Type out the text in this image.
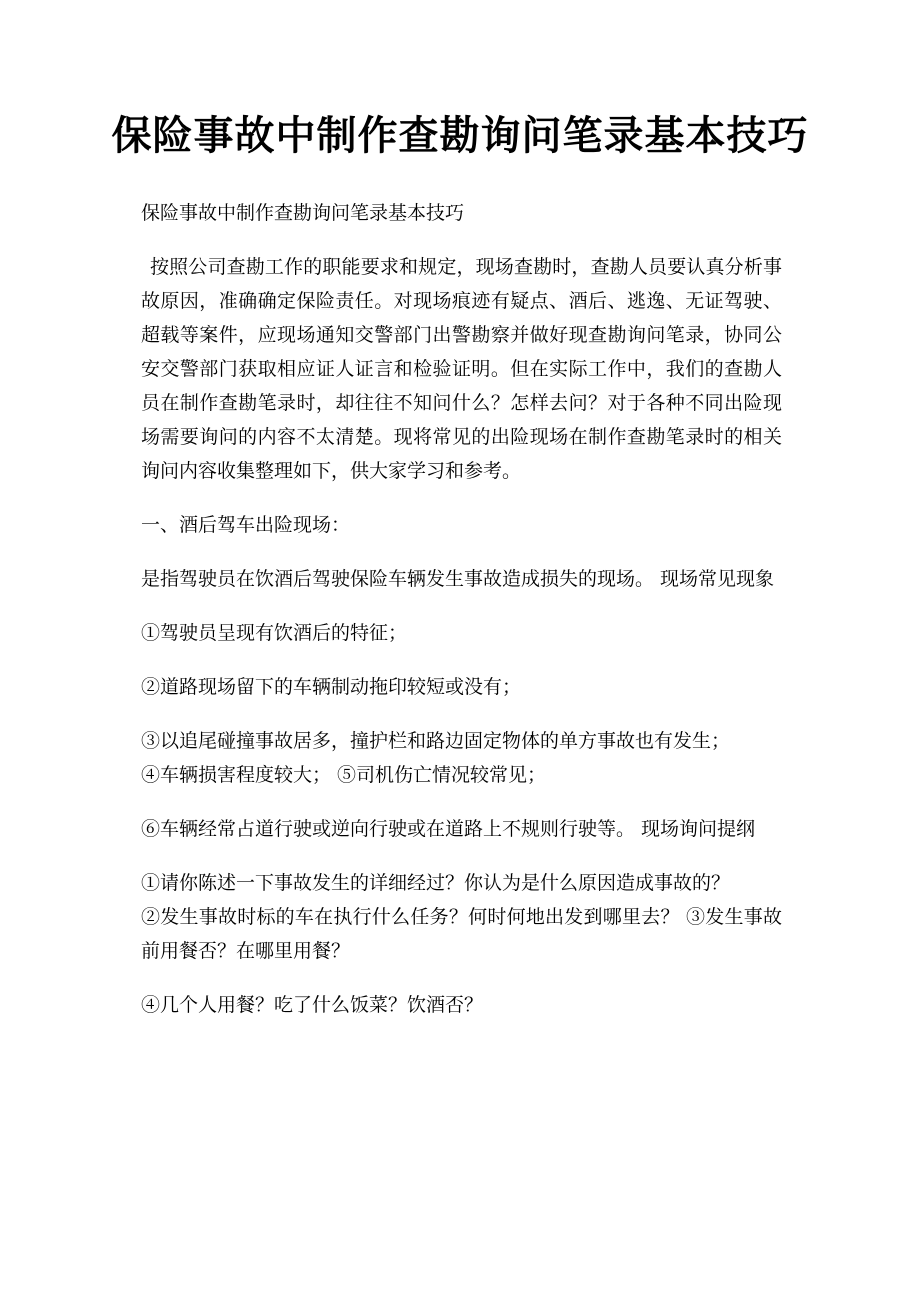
保险事故中制作查勘询问笔录基本技巧

保险事故中制作查勘询问笔录基本技巧

按照公司查勘工作的职能要求和规定，现场查勘时，查勘人员要认真分析事故原因，准确确定保险责任。对现场痕迹有疑点、酒后、逃逸、无证驾驶、超载等案件，应现场通知交警部门出警勘察并做好现查勘询问笔录，协同公安交警部门获取相应证人证言和检验证明。但在实际工作中，我们的查勘人员在制作查勘笔录时，却往往不知问什么？怎样去问？对于各种不同出险现场需要询问的内容不太清楚。现将常见的出险现场在制作查勘笔录时的相关询问内容收集整理如下，供大家学习和参考。

一、酒后驾车出险现场：

是指驾驶员在饮酒后驾驶保险车辆发生事故造成损失的现场。 现场常见现象

①驾驶员呈现有饮酒后的特征；

②道路现场留下的车辆制动拖印较短或没有；

③以追尾碰撞事故居多，撞护栏和路边固定物体的单方事故也有发生；

④车辆损害程度较大； ⑤司机伤亡情况较常见；

⑥车辆经常占道行驶或逆向行驶或在道路上不规则行驶等。 现场询问提纲

①请你陈述一下事故发生的详细经过？你认为是什么原因造成事故的？

②发生事故时标的车在执行什么任务？何时何地出发到哪里去？ ③发生事故前用餐否？在哪里用餐？

④几个人用餐？吃了什么饭菜？饮酒否？
